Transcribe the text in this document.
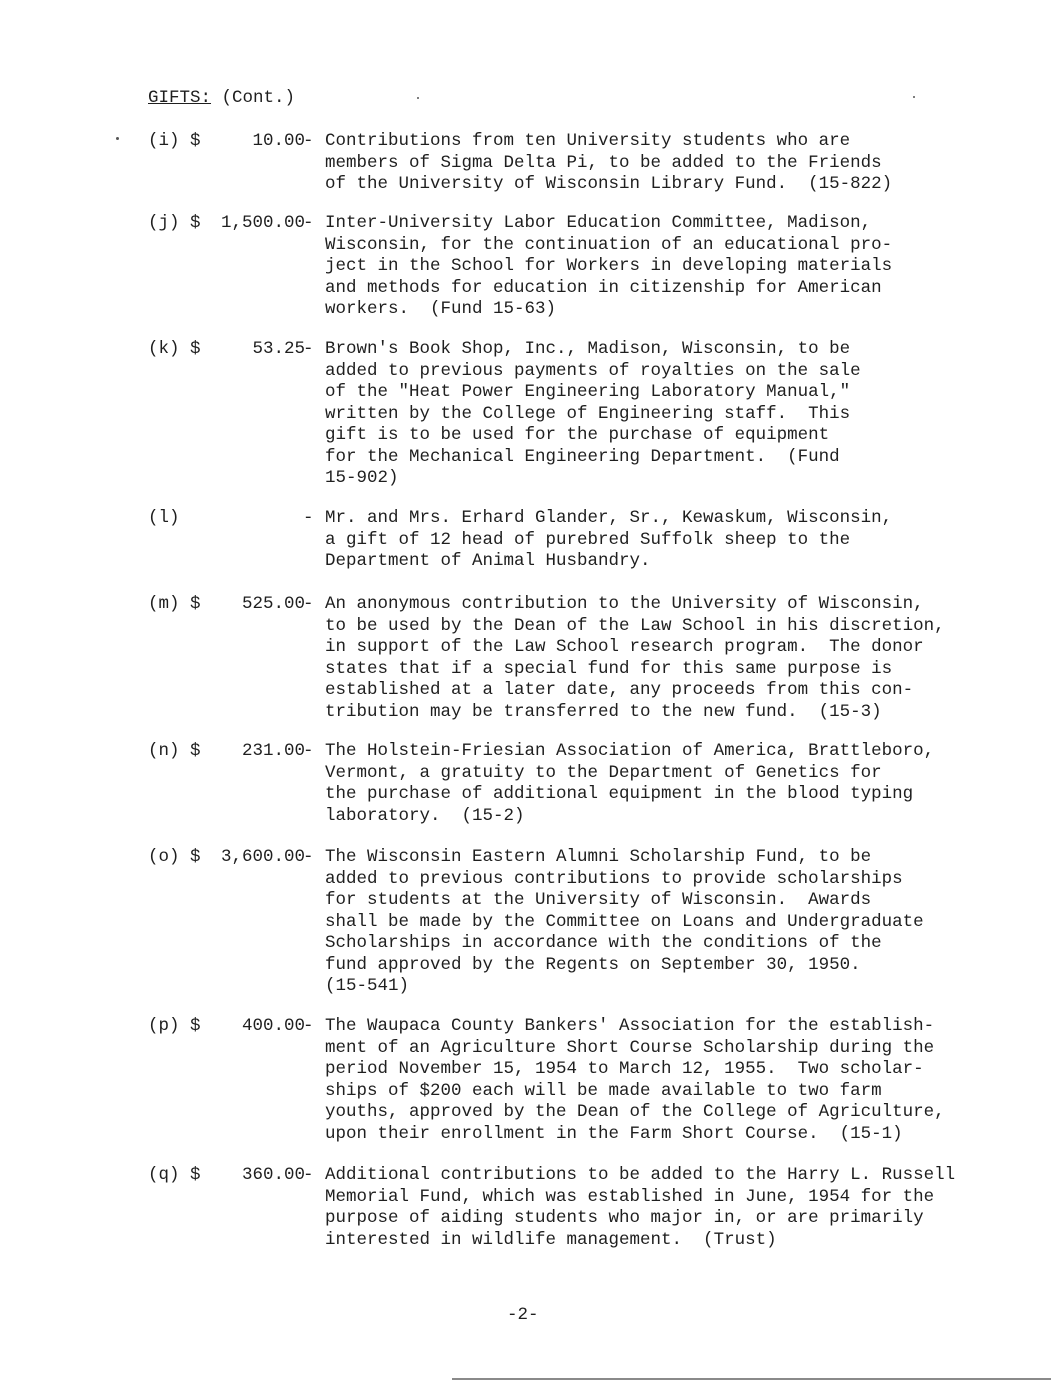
GIFTS: (Cont.)
(i) $	10.00
- Contributions from ten University students who are
members of Sigma Delta Pi, to be added to the Friends
of the University of Wisconsin Library Fund.  (15-822)
(j) $	1,500.00
- Inter-University Labor Education Committee, Madison,
Wisconsin, for the continuation of an educational pro-
ject in the School for Workers in developing materials
and methods for education in citizenship for American
workers.  (Fund 15-63)
(k) $	53.25
- Brown's Book Shop, Inc., Madison, Wisconsin, to be
added to previous payments of royalties on the sale
of the "Heat Power Engineering Laboratory Manual,"
written by the College of Engineering staff.  This
gift is to be used for the purchase of equipment
for the Mechanical Engineering Department.  (Fund
15-902)
(l)	- Mr. and Mrs. Erhard Glander, Sr., Kewaskum, Wisconsin,
a gift of 12 head of purebred Suffolk sheep to the
Department of Animal Husbandry.
(m) $	525.00
- An anonymous contribution to the University of Wisconsin,
to be used by the Dean of the Law School in his discretion,
in support of the Law School research program.  The donor
states that if a special fund for this same purpose is
established at a later date, any proceeds from this con-
tribution may be transferred to the new fund.  (15-3)
(n) $	231.00
- The Holstein-Friesian Association of America, Brattleboro,
Vermont, a gratuity to the Department of Genetics for
the purchase of additional equipment in the blood typing
laboratory.  (15-2)
(o) $	3,600.00
- The Wisconsin Eastern Alumni Scholarship Fund, to be
added to previous contributions to provide scholarships
for students at the University of Wisconsin.  Awards
shall be made by the Committee on Loans and Undergraduate
Scholarships in accordance with the conditions of the
fund approved by the Regents on September 30, 1950.
(15-541)
(p) $	400.00
- The Waupaca County Bankers' Association for the establish-
ment of an Agriculture Short Course Scholarship during the
period November 15, 1954 to March 12, 1955.  Two scholar-
ships of $200 each will be made available to two farm
youths, approved by the Dean of the College of Agriculture,
upon their enrollment in the Farm Short Course.  (15-1)
(q) $	360.00
- Additional contributions to be added to the Harry L. Russell
Memorial Fund, which was established in June, 1954 for the
purpose of aiding students who major in, or are primarily
interested in wildlife management.  (Trust)
-2-
